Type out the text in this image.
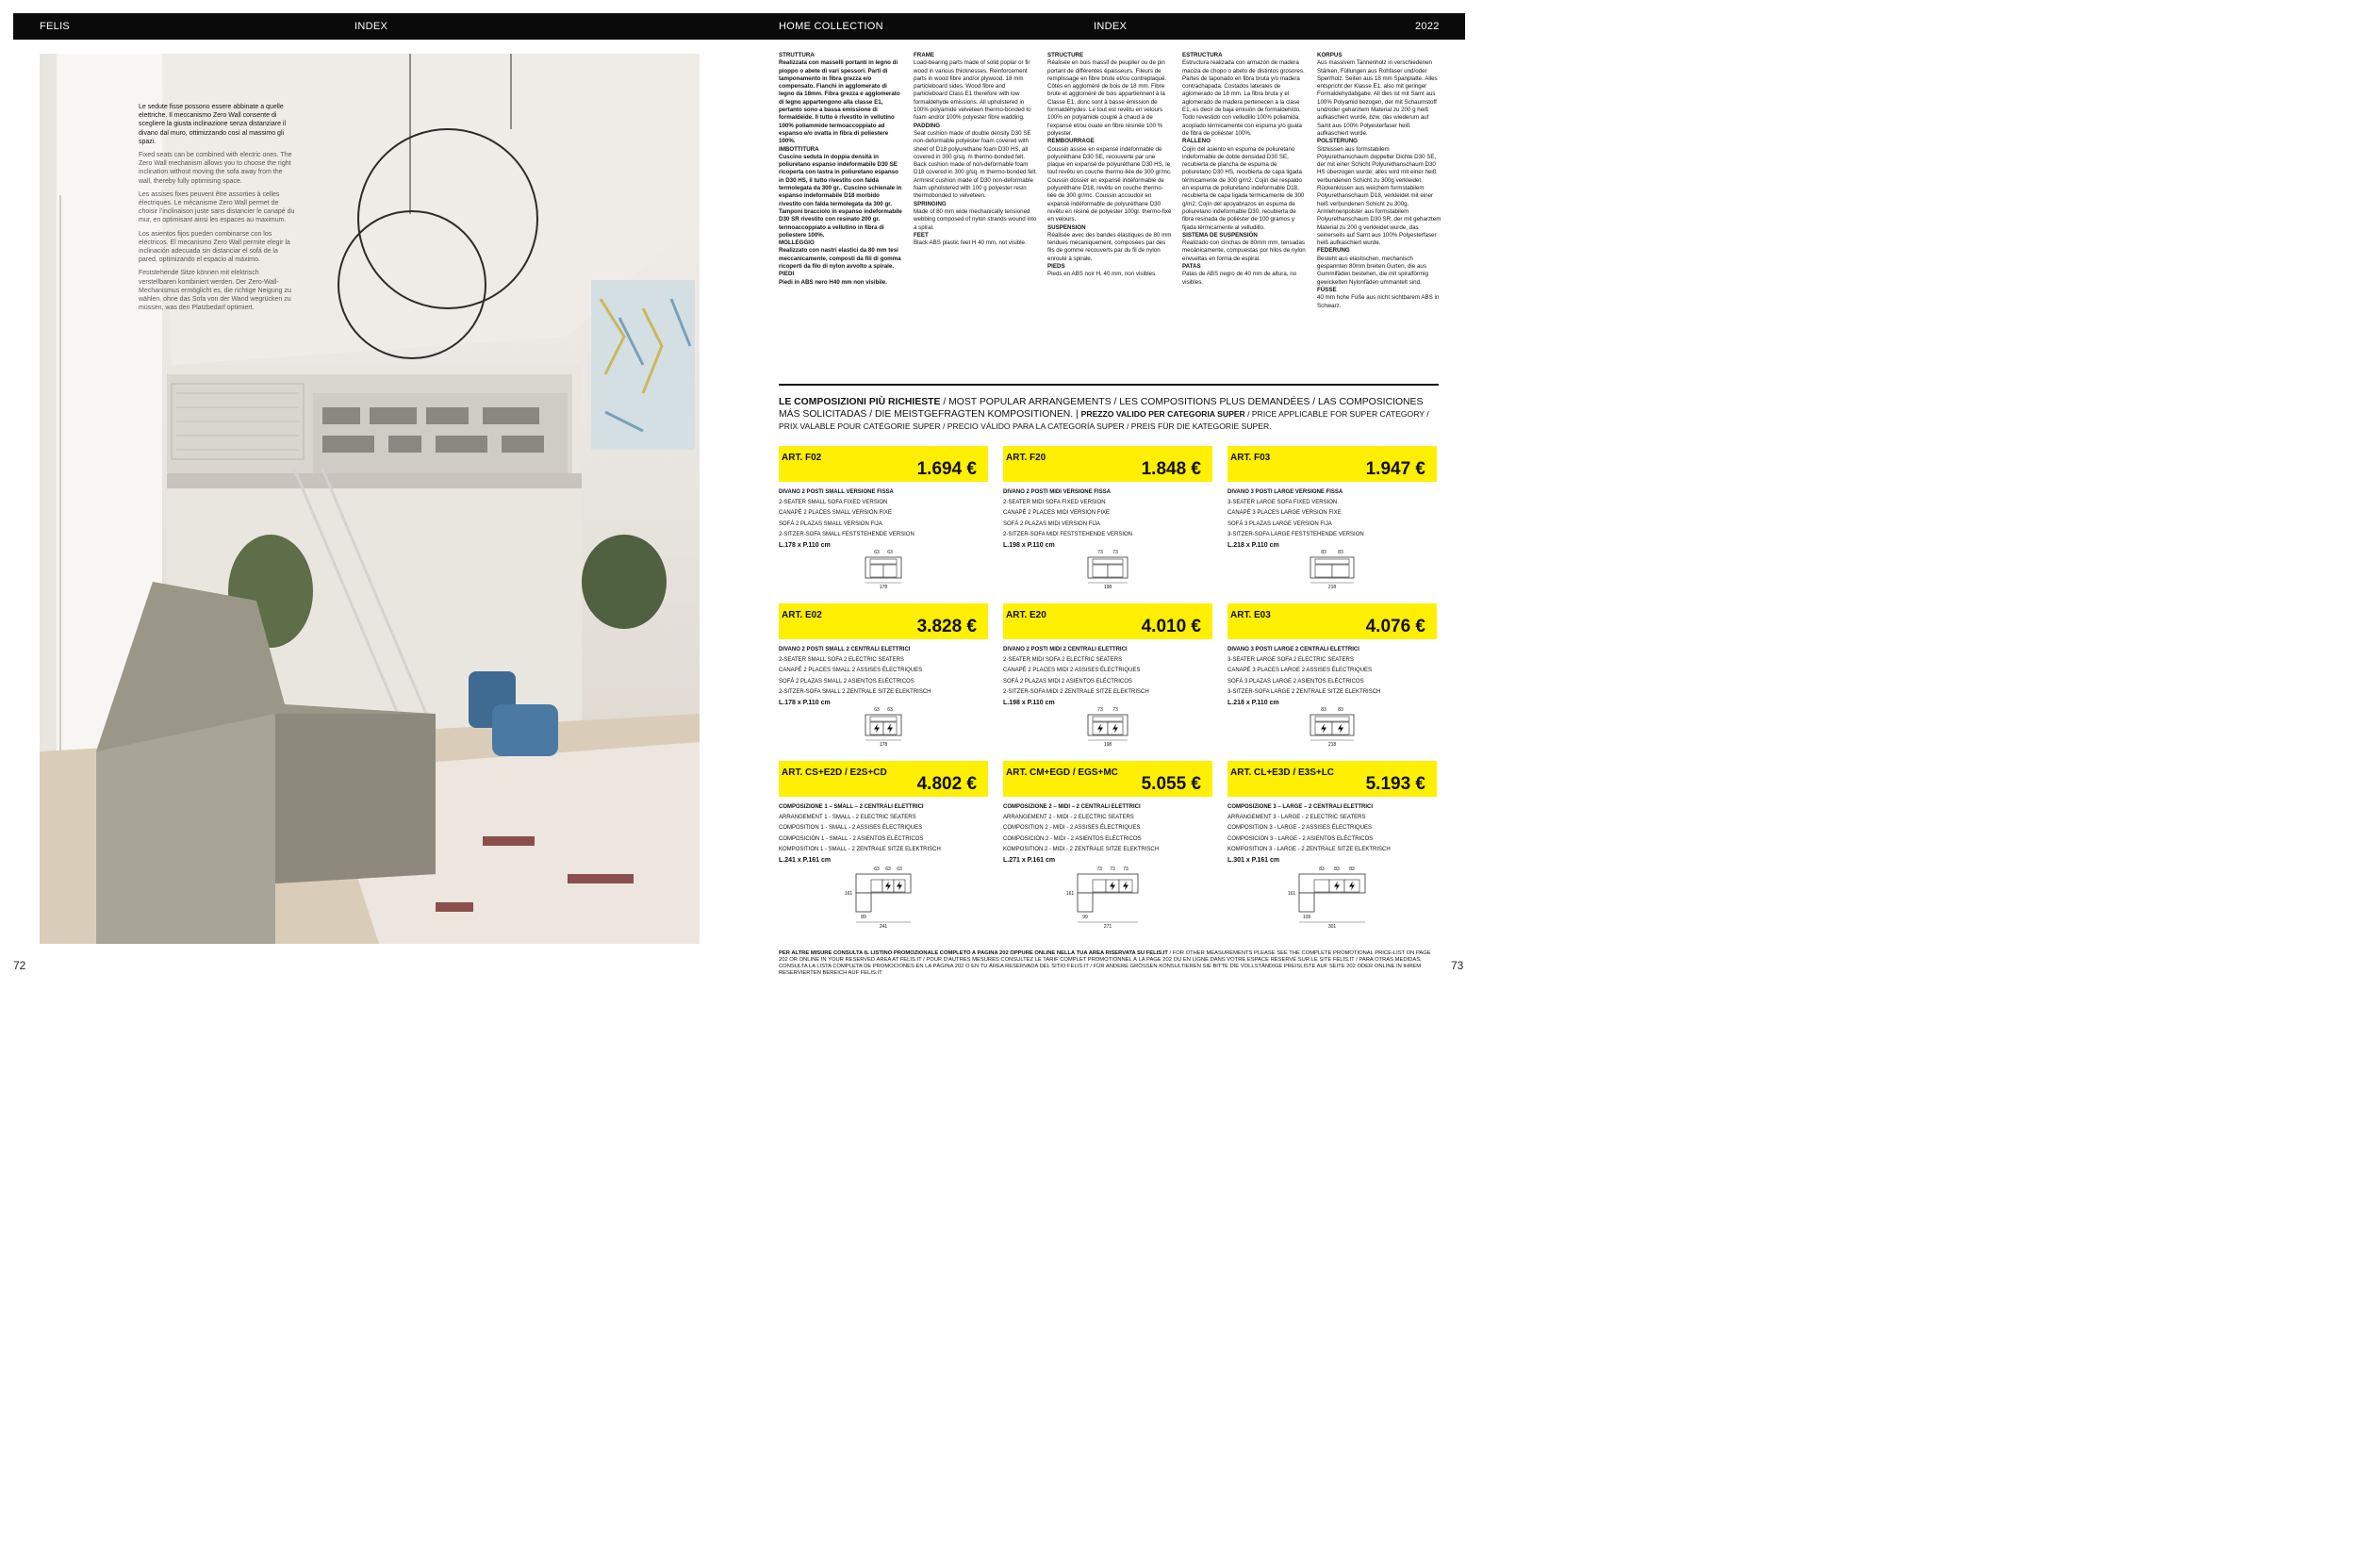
FELIS	INDEX	HOME COLLECTION	INDEX	2022

Le sedute fisse possono essere abbinate a quelle elettriche. Il meccanismo Zero Wall consente di scegliere la giusta inclinazione senza distanziare il divano dal muro, ottimizzando così al massimo gli spazi.

Fixed seats can be combined with electric ones. The Zero Wall mechanism allows you to choose the right inclination without moving the sofa away from the wall, thereby fully optimising space.

Les assises fixes peuvent être assorties à celles électriques. Le mécanisme Zero Wall permet de choisir l’inclinaison juste sans distancier le canapé du mur, en optimisant ainsi les espaces au maximum.

Los asientos fijos pueden combinarse con los eléctricos. El mecanismo Zero Wall permite elegir la inclinación adecuada sin distanciar el sofá de la pared, optimizando el espacio al máximo.

Feststehende Sitze können mit elektrisch verstellbaren kombiniert werden. Der Zero-Wall-Mechanismus ermöglicht es, die richtige Neigung zu wählen, ohne das Sofa von der Wand wegrücken zu müssen, was den Platzbedarf optimiert.

72	73
STRUTTURA
Realizzata con masselli portanti in legno di pioppo o abete di vari spessori. Parti di tamponamento in fibra grezza e/o compensato. Fianchi in agglomerato di legno da 18mm. Fibra grezza e agglomerato di legno appartengono alla classe E1, pertanto sono a bassa emissione di formaldeide. Il tutto è rivestito in vellutino 100% poliammide termoaccoppiato ad espanso e/o ovatta in fibra di poliestere 100%.
IMBOTTITURA
Cuscino seduta in doppia densità in poliuretano espanso indeformabile D30 SE ricoperta con lastra in poliuretano espanso in D30 HS, il tutto rivestito con falda termolegata da 300 gr.. Cuscino schienale in espanso indeformabile D18 morbido rivestito con falda termolegata da 300 gr. Tamponi bracciolo in espanso indeformabile D30 SR rivestito con resinato 200 gr. termoaccoppiato a vellutino in fibra di poliestere 100%.
MOLLEGGIO
Realizzato con nastri elastici da 80 mm tesi meccanicamente, composti da fili di gomma ricoperti da filo di nylon avvolto a spirale.
PIEDI
Piedi in ABS nero H40 mm non visibile.
FRAME
Load-bearing parts made of solid poplar or fir wood in various thicknesses. Reinforcement parts in wood fibre and/or plywood. 18 mm particleboard sides. Wood fibre and particleboard Class E1 therefore with low formaldehyde emissions. All upholstered in 100% polyamide velveteen thermo-bonded to foam and/or 100% polyester fibre wadding.
PADDING
Seat cushion made of double density D30 SE non-deformable polyester foam covered with sheet of D18 polyurethane foam D30 HS, all covered in 300 g/sq. m thermo-bonded felt. Back cushion made of non-deformable foam D18 covered in 300 g/sq. m thermo-bonded felt. Armrest cushion made of D30 non-deformable foam upholstered with 100 g polyester resin thermobonded to velveteen.
SPRINGING
Made of 80 mm wide mechanically tensioned webbing composed of nylon strands wound into a spiral.
FEET
Black ABS plastic feet H 40 mm, not visible.
STRUCTURE
Réalisée en bois massif de peuplier ou de pin portant de différentes épaisseurs. Fileurs de remplissage en fibre brute et/ou contreplaqué. Côtés en aggloméré de bois de 18 mm. Fibre brute et aggloméré de bois appartiennent à la Classe E1, donc sont à basse émission de formaldéhydes. Le tout est revêtu en velours 100% en polyamide couplé à chaud à de l'expansé et/ou ouate en fibre résinée 100 % polyester.
REMBOURRAGE
Coussin assise en expansé indéformable de polyuréthane D30 SE, recouverte par une plaque en expansé de polyuréthane D30 HS, le tout revêtu en couche thermo-liée de 300 gr/mc. Coussin dossier en expansé indéformable de polyuréthane D18, revêtu en couche thermo-liée de 300 gr/mc. Coussin accoudoir en expansé indéformable de polyuréthane D30 revêtu en résiné de polyester 100gr. thermo-fixé en velours.
SUSPENSION
Réalisée avec des bandes élastiques de 80 mm tendues mécaniquement, composées par des fils de gomme recouverts par du fil de nylon enroulé à spirale.
PIEDS
Pieds en ABS noir H. 40 mm, non visibles.
ESTRUCTURA
Estructura realizada con armazón de madera maciza de chopo o abeto de distintos grosores. Partes de taponado en fibra bruta y/o madera contrachapada. Costados laterales de aglomerado de 18 mm. La fibra bruta y el aglomerado de madera pertenecen a la clase E1, es decir de baja emisión de formaldehído. Todo revestido con velludillo 100% poliamida, acoplado térmicamente con espuma y/o guata de fibra de poliéster 100%.
RALLENO
Cojín del asiento en espuma de poliuretano indeformable de doble densidad D30 SE, recubierta de plancha de espuma de poliuretano D30 HS, recubierta de capa ligada térmicamente de 300 g/m2. Cojín del respaldo en espuma de poliuretano indeformable D18, recubierta de capa ligada térmicamente de 300 g/m2. Cojín del apoyabrazos en espuma de poliuretano indeformable D30, recubierta de fibra resinada de poliéster de 100 gramos y fijada térmicamente al velludillo.
SISTEMA DE SUSPENSIÓN
Realizado con cinchas de 80mm mm, tensadas mecánicamente, compuestas por hilos de nylon envueltas en forma de espiral.
PATAS
Patas de ABS negro de 40 mm de altura, no visibles.
KORPUS
Aus massivem Tannenholz in verschiedenen Stärken, Füllungen aus Rohfaser und/oder Sperrholz. Seiten aus 18 mm Spanplatte. Alles entspricht der Klasse E1, also mit geringer Formaldehydabgabe. All dies ist mit Samt aus 100% Polyamid bezogen, der mit Schaumstoff und/oder geharztem Material zu 200 g heiß aufkaschiert wurde, bzw. das wiederum auf Samt aus 100% Polyesterfaser heiß aufkaschiert wurde.
POLSTERUNG
Sitzkissen aus formstabilem Polyurethanschaum doppelter Dichte D30 SE, der mit einer Schicht Polyurethanschaum D30 HS überzogen wurde; alles wird mit einer heiß verbundenen Schicht zu 300g verkleidet. Rückenkissen aus weichem formstabilem Polyurethanschaum D18, verkleidet mit einer heiß verbundenen Schicht zu 300g. Armlehnenpolster aus formstabilem Polyurethanschaum D30 SR, der mit geharztem Material zu 200 g verkleidet wurde, das seinerseits auf Samt aus 100% Polyesterfaser heiß aufkaschiert wurde.
FEDERUNG
Besteht aus elastischen, mechanisch gespannten 80mm breiten Gurten, die aus Gummifäden bestehen, die mit spiralförmig gewickelten Nylonfäden ummantelt sind.
FÜSSE
40 mm hohe Füße aus nicht sichtbarem ABS in Schwarz.
LE COMPOSIZIONI PIÙ RICHIESTE / MOST POPULAR ARRANGEMENTS / LES COMPOSITIONS PLUS DEMANDÉES / LAS COMPOSICIONES MÁS SOLICITADAS / DIE MEISTGEFRAGTEN KOMPOSITIONEN. | PREZZO VALIDO PER CATEGORIA SUPER / PRICE APPLICABLE FOR SUPER CATEGORY / PRIX VALABLE POUR CATÉGORIE SUPER / PRECIO VÁLIDO PARA LA CATEGORÍA SUPER / PREIS FÜR DIE KATEGORIE SUPER.
ART. F02
1.694 €
DIVANO 2 POSTI SMALL VERSIONE FISSA
2-SEATER SMALL SOFA FIXED VERSION
CANAPÉ 2 PLACES SMALL VERSION FIXE
SOFÁ 2 PLAZAS SMALL VERSION FIJA
2-SITZER-SOFA SMALL FESTSTEHENDE VERSION
L.178 x P.110 cm
63 63
178
ART. F20
1.848 €
DIVANO 2 POSTI MIDI VERSIONE FISSA
2-SEATER MIDI SOFA FIXED VERSION
CANAPÉ 2 PLACES MIDI VERSION FIXE
SOFÁ 2 PLAZAS MIDI VERSION FIJA
2-SITZER-SOFA MIDI FESTSTEHENDE VERSION
L.198 x P.110 cm
73 73
198
ART. F03
1.947 €
DIVANO 3 POSTI LARGE VERSIONE FISSA
3-SEATER LARGE SOFA FIXED VERSION
CANAPÉ 3 PLACES LARGE VERSION FIXE
SOFÁ 3 PLAZAS LARGE VERSION FIJA
3-SITZER-SOFA LARGE FESTSTEHENDE VERSION
L.218 x P.110 cm
83 83
218
ART. E02
3.828 €
DIVANO 2 POSTI SMALL 2 CENTRALI ELETTRICI
2-SEATER SMALL SOFA 2 ELECTRIC SEATERS
CANAPÉ 2 PLACES SMALL 2 ASSISES ÉLECTRIQUES
SOFÁ 2 PLAZAS SMALL 2 ASIENTOS ELÉCTRICOS
2-SITZER-SOFA SMALL 2 ZENTRALE SITZE ELEKTRISCH
L.178 x P.110 cm
63 63
178
ART. E20
4.010 €
DIVANO 2 POSTI MIDI 2 CENTRALI ELETTRICI
2-SEATER MIDI SOFA 2 ELECTRIC SEATERS
CANAPÉ 2 PLACES MIDI 2 ASSISES ÉLECTRIQUES
SOFÁ 2 PLAZAS MIDI 2 ASIENTOS ELÉCTRICOS
2-SITZER-SOFA MIDI 2 ZENTRALE SITZE ELEKTRISCH
L.198 x P.110 cm
73 73
198
ART. E03
4.076 €
DIVANO 3 POSTI LARGE 2 CENTRALI ELETTRICI
3-SEATER LARGE SOFA 2 ELECTRIC SEATERS
CANAPÉ 3 PLACES LARGE 2 ASSISES ÉLECTRIQUES
SOFÁ 3 PLAZAS LARGE 2 ASIENTOS ELÉCTRICOS
3-SITZER-SOFA LARGE 2 ZENTRALE SITZE ELEKTRISCH
L.218 x P.110 cm
83 83
218
ART. CS+E2D / E2S+CD
4.802 €
COMPOSIZIONE 1 – SMALL – 2 CENTRALI ELETTRICI
ARRANGEMENT 1 - SMALL - 2 ELECTRIC SEATERS
COMPOSITION 1 - SMALL - 2 ASSISES ÉLECTRIQUES
COMPOSICIÓN 1 - SMALL - 2 ASIENTOS ELÉCTRICOS
KOMPOSITION 1 - SMALL - 2 ZENTRALE SITZE ELEKTRISCH
L.241 x P.161 cm
63 63 63
161
89
241
ART. CM+EGD / EGS+MC
5.055 €
COMPOSIZIONE 2 – MIDI – 2 CENTRALI ELETTRICI
ARRANGEMENT 2 - MIDI - 2 ELECTRIC SEATERS
COMPOSITION 2 - MIDI - 2 ASSISES ÉLECTRIQUES
COMPOSICIÓN 2 - MIDI - 2 ASIENTOS ELÉCTRICOS
KOMPOSITION 2 - MIDI - 2 ZENTRALE SITZE ELEKTRISCH
L.271 x P.161 cm
73 73 73
161
99
271
ART. CL+E3D / E3S+LC
5.193 €
COMPOSIZIONE 3 – LARGE – 2 CENTRALI ELETTRICI
ARRANGEMENT 3 - LARGE - 2 ELECTRIC SEATERS
COMPOSITION 3 - LARGE - 2 ASSISES ÉLECTRIQUES
COMPOSICIÓN 3 - LARGE - 2 ASIENTOS ELÉCTRICOS
KOMPOSITION 3 - LARGE - 2 ZENTRALE SITZE ELEKTRISCH
L.301 x P.161 cm
83 83 83
161
109
301
PER ALTRE MISURE CONSULTA IL LISTINO PROMOZIONALE COMPLETO A PAGINA 202 OPPURE ONLINE NELLA TUA AREA RISERVATA SU FELIS.IT / FOR OTHER MEASUREMENTS PLEASE SEE THE COMPLETE PROMOTIONAL PRICE-LIST ON PAGE 202 OR ONLINE IN YOUR RESERVED AREA AT FELIS.IT / POUR D'AUTRES MESURES CONSULTEZ LE TARIF COMPLET PROMOTIONNEL À LA PAGE 202 OU EN LIGNE DANS VOTRE ESPACE RÉSERVÉ SUR LE SITE FELIS.IT / PARA OTRAS MEDIDAS, CONSULTA LA LISTA COMPLETA DE PROMOCIONES EN LA PÁGINA 202 O EN TU ÁREA RESERVADA DEL SITIO FELIS.IT / FÜR ANDERE GRÖSSEN KONSULTIEREN SIE BITTE DIE VOLLSTÄNDIGE PREISLISTE AUF SEITE 202 ODER ONLINE IN IHREM RESERVIERTEN BEREICH AUF FELIS.IT
